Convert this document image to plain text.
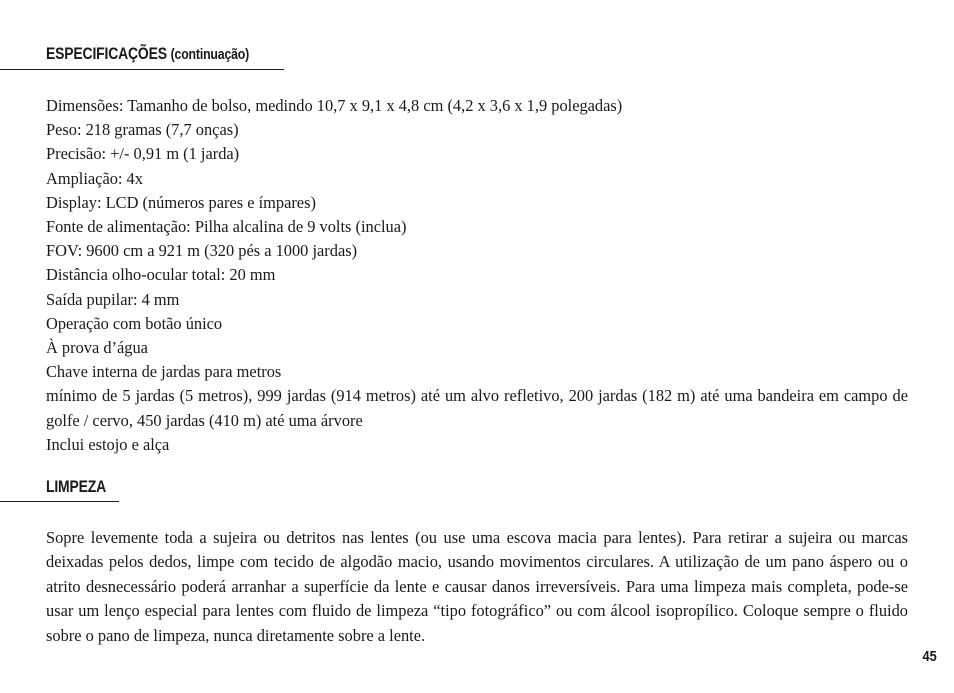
ESPECIFICAÇÕES (continuação)
Dimensões: Tamanho de bolso, medindo 10,7 x 9,1 x 4,8 cm (4,2 x 3,6 x 1,9 polegadas)
Peso: 218 gramas (7,7 onças)
Precisão: +/- 0,91 m (1 jarda)
Ampliação: 4x
Display: LCD (números pares e ímpares)
Fonte de alimentação: Pilha alcalina de 9 volts (inclua)
FOV: 9600 cm a 921 m (320 pés a 1000 jardas)
Distância olho-ocular total: 20 mm
Saída pupilar: 4 mm
Operação com botão único
À prova d’água
Chave interna de jardas para metros
mínimo de 5 jardas (5 metros), 999 jardas (914 metros) até um alvo refletivo, 200 jardas (182 m) até uma bandeira em campo de golfe / cervo, 450 jardas (410 m) até uma árvore
Inclui estojo e alça
LIMPEZA

Sopre levemente toda a sujeira ou detritos nas lentes (ou use uma escova macia para lentes). Para retirar a sujeira ou marcas deixadas pelos dedos, limpe com tecido de algodão macio, usando movimentos circulares. A utilização de um pano áspero ou o atrito desnecessário poderá arranhar a superfície da lente e causar danos irreversíveis. Para uma limpeza mais completa, pode-se usar um lenço especial para lentes com fluido de limpeza “tipo fotográfico” ou com álcool isopropílico. Coloque sempre o fluido sobre o pano de limpeza, nunca diretamente sobre a lente.

45
